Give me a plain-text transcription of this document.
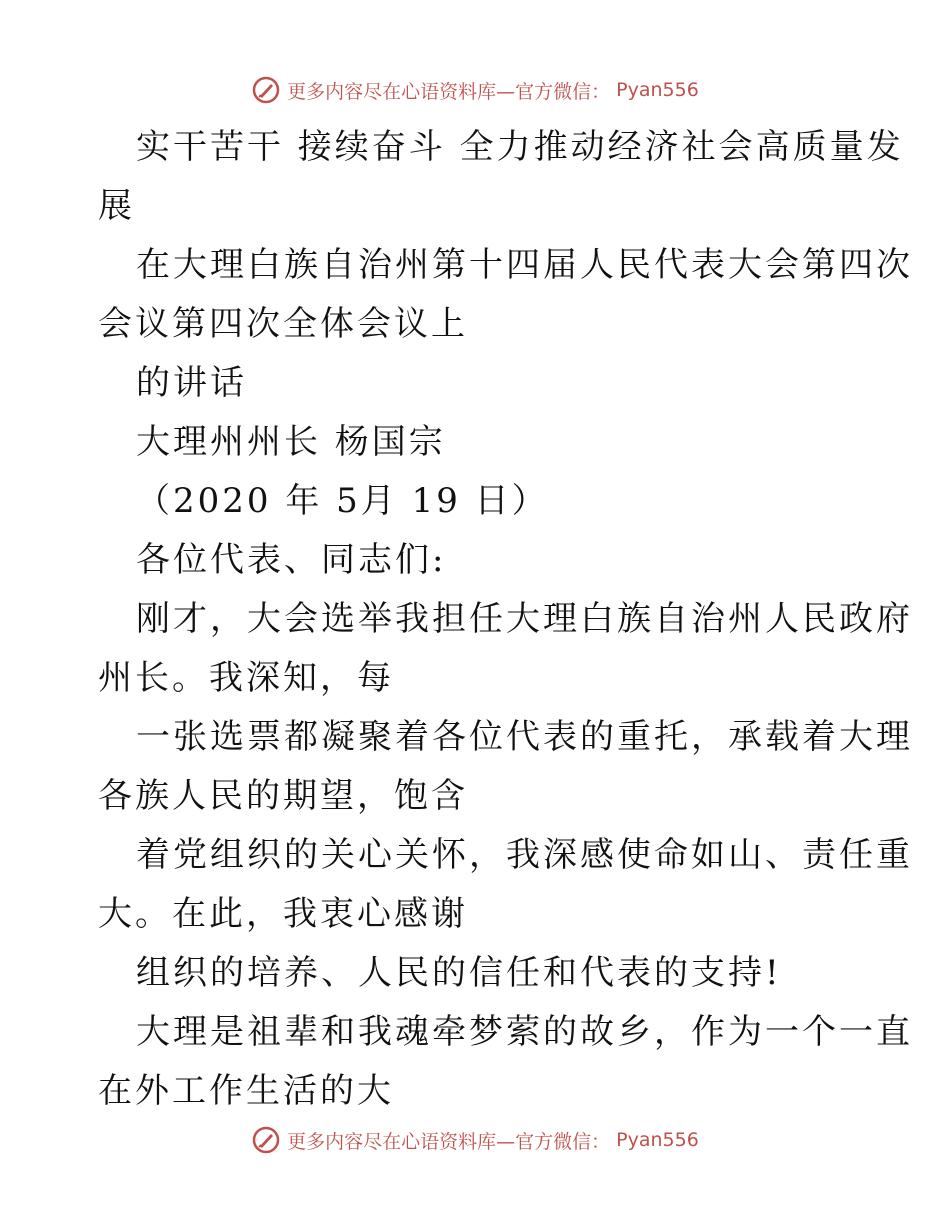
更多内容尽在心语资料库—官方微信： Pyan556
实干苦干 接续奋斗 全力推动经济社会高质量发
展
在大理白族自治州第十四届人民代表大会第四次
会议第四次全体会议上
的讲话
大理州州长 杨国宗
（2020 年 5月 19 日）
各位代表、同志们:
刚才，大会选举我担任大理白族自治州人民政府
州长。我深知，每
一张选票都凝聚着各位代表的重托，承载着大理
各族人民的期望，饱含
着党组织的关心关怀，我深感使命如山、责任重
大。在此，我衷心感谢
组织的培养、人民的信任和代表的支持!
大理是祖辈和我魂牵梦萦的故乡，作为一个一直
在外工作生活的大
更多内容尽在心语资料库—官方微信： Pyan556
